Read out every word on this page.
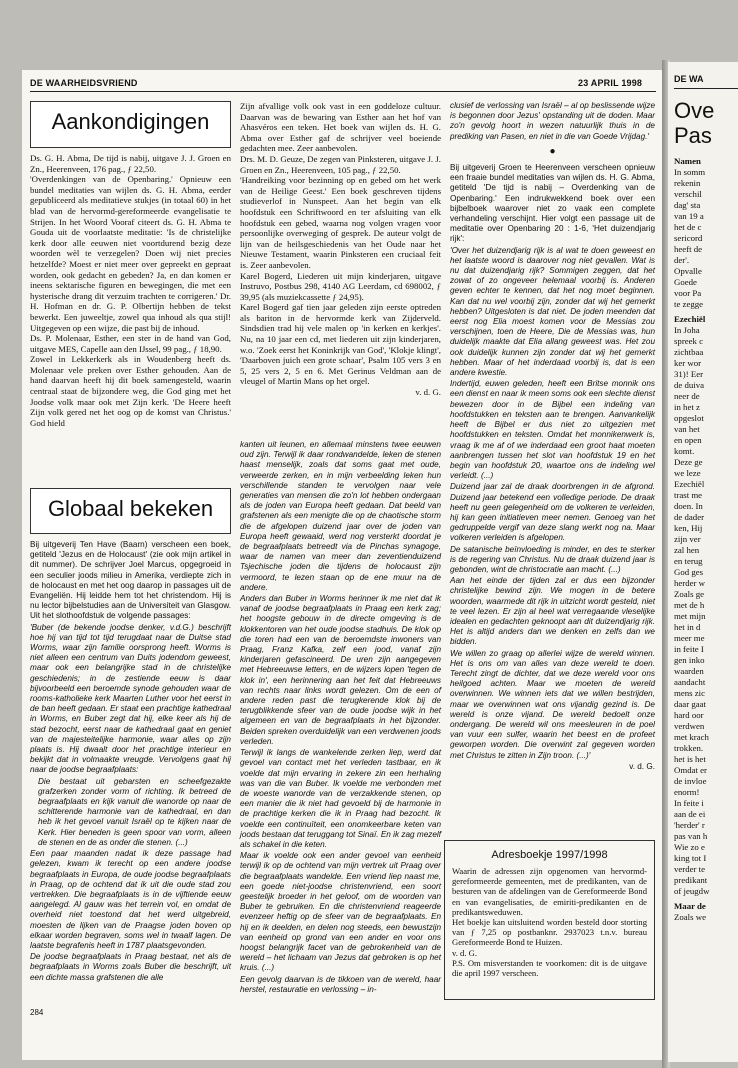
DE WA
Ove
Pas
Namen
In somm
rekenin
verschil
dag' sta
van 19 a
het de c
sericord
heeft de
der'.
Opvalle
Goede
voor Pa
te zegge
Ezechiël
In Joha
spreek c
zichtbaa
ker wor
31)! Eer
de duiva
neer de
in het z
opgeslot
van het
en open
komt.
Deze ge
we leze
Ezechiël
trast me
doen. In
de dader
ken, Hij
zijn ver
zal hen
en terug
God ges
herder w
Zoals ge
met de h
met mijn
het in d
meer me
in feite I
gen inko
waarden
aandacht
mens zic
daar gaat
hard oor
verdwen
met krach
trokken.
het is het
Omdat er
de invloe
enorm!
In feite i
aan de ei
'herder' r
pas van h
Wie zo e
king tot I
verder te
predikant
of jeugdw
Maar de
Zoals we
DE WAARHEIDSVRIEND	23 APRIL 1998
Aankondigingen

Ds. G. H. Abma, De tijd is nabij, uitgave J. J. Groen en Zn., Heerenveen, 176 pag., ƒ 22,50.

'Overdenkingen van de Openbaring.' Opnieuw een bundel meditaties van wijlen ds. G. H. Abma, eerder gepubliceerd als meditatieve stukjes (in totaal 60) in het blad van de hervormd-gereformeerde evangelisatie te Strijen. In het Woord Vooraf citeert ds. G. H. Abma te Gouda uit de voorlaatste meditatie: 'Is de christelijke kerk door alle eeuwen niet voortdurend bezig deze woorden wèl te verzegelen? Doen wij niet precies hetzelfde? Moest er niet meer over gepreekt en gepraat worden, ook gedacht en gebeden? Ja, en dan komen er ineens sektarische figuren en bewegingen, die met een hysterische drang dit verzuim trachten te corrigeren.' Dr. H. Hofman en dr. G. P. Olbertijn hebben de tekst bewerkt. Een juweeltje, zowel qua inhoud als qua stijl! Uitgegeven op een wijze, die past bij de inhoud.

Ds. P. Molenaar, Esther, een ster in de hand van God, uitgave MES, Capelle aan den IJssel, 99 pag., ƒ 18,90.

Zowel in Lekkerkerk als in Woudenberg heeft ds. Molenaar vele preken over Esther gehouden. Aan de hand daarvan heeft hij dit boek samengesteld, waarin centraal staat de bijzondere weg, die God ging met het Joodse volk maar ook met Zijn kerk. 'De Heere heeft Zijn volk gered net het oog op de komst van Christus.' God hield

Zijn afvallige volk ook vast in een goddeloze cultuur. Daarvan was de bewaring van Esther aan het hof van Ahasvéros een teken. Het boek van wijlen ds. H. G. Abma over Esther gaf de schrijver veel boeiende gedachten mee. Zeer aanbevolen.

Drs. M. D. Geuze, De zegen van Pinksteren, uitgave J. J. Groen en Zn., Heerenveen, 105 pag., ƒ 22,50.

'Handreiking voor bezinning op en gebed om het werk van de Heilige Geest.' Een boek geschreven tijdens studieverlof in Nunspeet. Aan het begin van elk hoofdstuk een Schriftwoord en ter afsluiting van elk hoofdstuk een gebed, waarna nog volgen vragen voor persoonlijke overweging of gesprek. De auteur volgt de lijn van de heilsgeschiedenis van het Oude naar het Nieuwe Testament, waarin Pinksteren een cruciaal feit is. Zeer aanbevolen.

Karel Bogerd, Liederen uit mijn kinderjaren, uitgave Instruvo, Postbus 298, 4140 AG Leerdam, cd 698002, ƒ 39,95 (als muziekcassette ƒ 24,95).

Karel Bogerd gaf tien jaar geleden zijn eerste optreden als bariton in de hervormde kerk van Zijderveld. Sindsdien trad hij vele malen op 'in kerken en kerkjes'. Nu, na 10 jaar een cd, met liederen uit zijn kinderjaren, w.o. 'Zoek eerst het Koninkrijk van God', 'Klokje klingt', 'Daarboven juich een grote schaar', Psalm 105 vers 3 en 5, 25 vers 2, 5 en 6. Met Gerinus Veldman aan de vleugel of Martin Mans op het orgel.

v. d. G.

Globaal bekeken

Bij uitgeverij Ten Have (Baarn) verscheen een boek, getiteld 'Jezus en de Holocaust' (zie ook mijn artikel in dit nummer). De schrijver Joel Marcus, opgegroeid in een seculier joods milieu in Amerika, verdiepte zich in de holocaust en met het oog daarop in passages uit de Evangeliën. Hij leidde hem tot het christendom. Hij is nu lector bijbelstudies aan de Universiteit van Glasgow. Uit het slothoofdstuk de volgende passages:

'Buber (de bekende joodse denker, v.d.G.) beschrijft hoe hij van tijd tot tijd terugdaat naar de Duitse stad Worms, waar zijn familie oorsprong heeft. Worms is niet alleen een centrum van Duits jodendom geweest, maar ook een belangrijke stad in de christelijke geschiedenis; in de zestiende eeuw is daar bijvoorbeeld een beroemde synode gehouden waar de rooms-katholieke kerk Maarten Luther voor het eerst in de ban heeft gedaan. Er staat een prachtige kathedraal in Worms, en Buber zegt dat hij, elke keer als hij de stad bezocht, eerst naar de kathedraal gaat en geniet van de majesteitelijke harmonie, waar alles op zijn plaats is. Hij dwaalt door het prachtige interieur en bekijkt dat in volmaakte vreugde. Vervolgens gaat hij naar de joodse begraafplaats:

Die bestaat uit gebarsten en scheefgezakte grafzerken zonder vorm of richting. Ik betreed de begraafplaats en kijk vanuit die wanorde op naar de schitterende harmonie van de kathedraal, en dan heb ik het gevoel vanuit Israël op te kijken naar de Kerk. Hier beneden is geen spoor van vorm, alleen de stenen en de as onder die stenen. (...)

Een paar maanden nadat ik deze passage had gelezen, kwam ik terecht op een andere joodse begraafplaats in Europa, de oude joodse begraafplaats in Praag, op de ochtend dat ik uit die oude stad zou vertrekken. Die begraafplaats is in de vijftiende eeuw aangelegd. Al gauw was het terrein vol, en omdat de overheid niet toestond dat het werd uitgebreid, moesten de lijken van de Praagse joden boven op elkaar worden begraven, soms wel in twaalf lagen. De laatste begrafenis heeft in 1787 plaatsgevonden.

De joodse begraafplaats in Praag bestaat, net als de begraafplaats in Worms zoals Buber die beschrijft, uit een dichte massa grafstenen die alle

kanten uit leunen, en allemaal minstens twee eeuwen oud zijn. Terwijl ik daar rondwandelde, leken de stenen haast menselijk, zoals dat soms gaat met oude, verweerde zerken, en in mijn verbeelding leken hun verschillende standen te vervolgen naar vele generaties van mensen die zo'n lot hebben ondergaan als de joden van Europa heeft gedaan. Dat beeld van grafstenen als een menigte die op de chaotische storm die de afgelopen duizend jaar over de joden van Europa heeft gewaaid, werd nog versterkt doordat je de begraafplaats betreedt via de Pinchas synagoge, waar de namen van meer dan zeventienduizend Tsjechische joden die tijdens de holocaust zijn vermoord, te lezen staan op de ene muur na de andere.

Anders dan Buber in Worms herinner ik me niet dat ik vanaf de joodse begraafplaats in Praag een kerk zag; het hoogste gebouw in de directe omgeving is de klokkentoren van het oude joodse stadhuis. De klok op die toren had een van de beroemdste inwoners van Praag, Franz Kafka, zelf een jood, vanaf zijn kinderjaren gefascineerd. De uren zijn aangegeven met Hebreeuwse letters, en de wijzers lopen 'tegen de klok in', een herinnering aan het feit dat Hebreeuws van rechts naar links wordt gelezen. Om de een of andere reden past die terugkerende klok bij de terugblikkende sfeer van de oude joodse wijk in het algemeen en van de begraafplaats in het bijzonder. Beiden spreken overduidelijk van een verdwenen joods verleden.

Terwijl ik langs de wankelende zerken liep, werd dat gevoel van contact met het verleden tastbaar, en ik voelde dat mijn ervaring in zekere zin een herhaling was van die van Buber. Ik voelde me verbonden met de woeste wanorde van de verzakkende stenen, op een manier die ik niet had gevoeld bij de harmonie in de prachtige kerken die ik in Praag had bezocht. Ik voelde een continuïteit, een onomkeerbare keten van joods bestaan dat teruggang tot Sinaï. En ik zag mezelf als schakel in die keten.

Maar ik voelde ook een ander gevoel van eenheid terwijl ik op de ochtend van mijn vertrek uit Praag over die begraafplaats wandelde. Een vriend liep naast me, een goede niet-joodse christenvriend, een soort geestelijk broeder in het geloof, om de woorden van Buber te gebruiken. En die christenvriend reageerde evenzeer heftig op de sfeer van de begraafplaats. En hij en ik deelden, en delen nog steeds, een bewustzijn van eenheid op grond van een ander en voor ons hoogst belangrijk facet van de gebrokenheid van de wereld – het lichaam van Jezus dat gebroken is op het kruis. (...)

Een gevolg daarvan is de tikkoen van de wereld, haar herstel, restauratie en verlossing – in-

clusief de verlossing van Israël – al op beslissende wijze is begonnen door Jezus' opstanding uit de doden. Maar zo'n gevolg hoort in wezen natuurlijk thuis in de prediking van Pasen, en niet in die van Goede Vrijdag.'

●

Bij uitgeverij Groen te Heerenveen verscheen opnieuw een fraaie bundel meditaties van wijlen ds. H. G. Abma, getiteld 'De tijd is nabij – Overdenking van de Openbaring.' Een indrukwekkend boek over een bijbelboek waarover niet zo vaak een complete verhandeling verschijnt. Hier volgt een passage uit de meditatie over Openbaring 20 : 1-6, 'Het duizendjarig rijk':

'Over het duizendjarig rijk is al wat te doen geweest en het laatste woord is daarover nog niet gevallen. Wat is nu dat duizendjarig rijk? Sommigen zeggen, dat het zowat of zo ongeveer helemaal voorbij is. Anderen geven echter te kennen, dat het nog moet beginnen. Kan dat nu wel voorbij zijn, zonder dat wij het gemerkt hebben? Uitgesloten is dat niet. De joden meenden dat eerst nog Elia moest komen voor de Messias zou verschijnen, toen de Heere, Die de Messias was, hun duidelijk maakte dat Elia allang geweest was. Het zou ook duidelijk kunnen zijn zonder dat wij het gemerkt hebben. Maar of het inderdaad voorbij is, dat is een andere kwestie.

Indertijd, euwen geleden, heeft een Britse monnik ons een dienst en naar ik meen soms ook een slechte dienst bewezen door in de Bijbel een indeling van hoofdstukken en teksten aan te brengen. Aanvankelijk heeft de Bijbel er dus niet zo uitgezien met hoofdstukken en teksten. Omdat het monnikenwerk is, vraag ik me af of we inderdaad een groot haat moeten aanbrengen tussen het slot van hoofdstuk 19 en het begin van hoofdstuk 20, waartoe ons de indeling wel verleidt. (...)

Duizend jaar zal de draak doorbrengen in de afgrond. Duizend jaar betekend een volledige periode. De draak heeft nu geen gelegenheid om de volkeren te verleiden, hij kan geen initiatieven meer nemen. Genoeg van het gedruppelde vergif van deze slang werkt nog na. Maar volkeren verleiden is afgelopen.

De satanische beïnvloeding is minder, en des te sterker is de regering van Christus. Nu de draak duizend jaar is gebonden, wint de christocratie aan macht. (...)

Aan het einde der tijden zal er dus een bijzonder christelijke bewind zijn. We mogen in de betere woorden, waarmede dit rijk in uitzicht wordt gesteld, niet te veel lezen. Er zijn al heel wat verregaande vleselijke idealen en gedachten geknoopt aan dit duizendjarig rijk. Het is altijd anders dan we denken en zelfs dan we bidden.

We willen zo graag op allerlei wijze de wereld winnen. Het is ons om van alles van deze wereld te doen. Terecht zingt de dichter, dat we deze wereld voor ons heilgoed achten. Maar we moeten de wereld overwinnen. We winnen iets dat we willen bestrijden, maar we overwinnen wat ons vijandig gezind is. De wereld is onze vijand. De wereld bedoelt onze ondergang. De wereld wil ons meesleuren in de poel van vuur een sulfer, waarin het beest en de profeet geworpen worden. Die overwint zal gegeven worden met Christus te zitten in Zijn troon. (...)'

v. d. G.

Adresboekje 1997/1998
Waarin de adressen zijn opgenomen van hervormd-gereformeerde gemeenten, met de predikanten, van de besturen van de afdelingen van de Gereformeerde Bond en van evangelisaties, de emiriti-predikanten en de predikantsweduwen.
Het boekje kan uitsluitend worden besteld door storting van ƒ 7,25 op postbanknr. 2937023 t.n.v. bureau Gereformeerde Bond te Huizen.
v. d. G.
P.S. Om misverstanden te voorkomen: dit is de uitgave die april 1997 verscheen.
284
